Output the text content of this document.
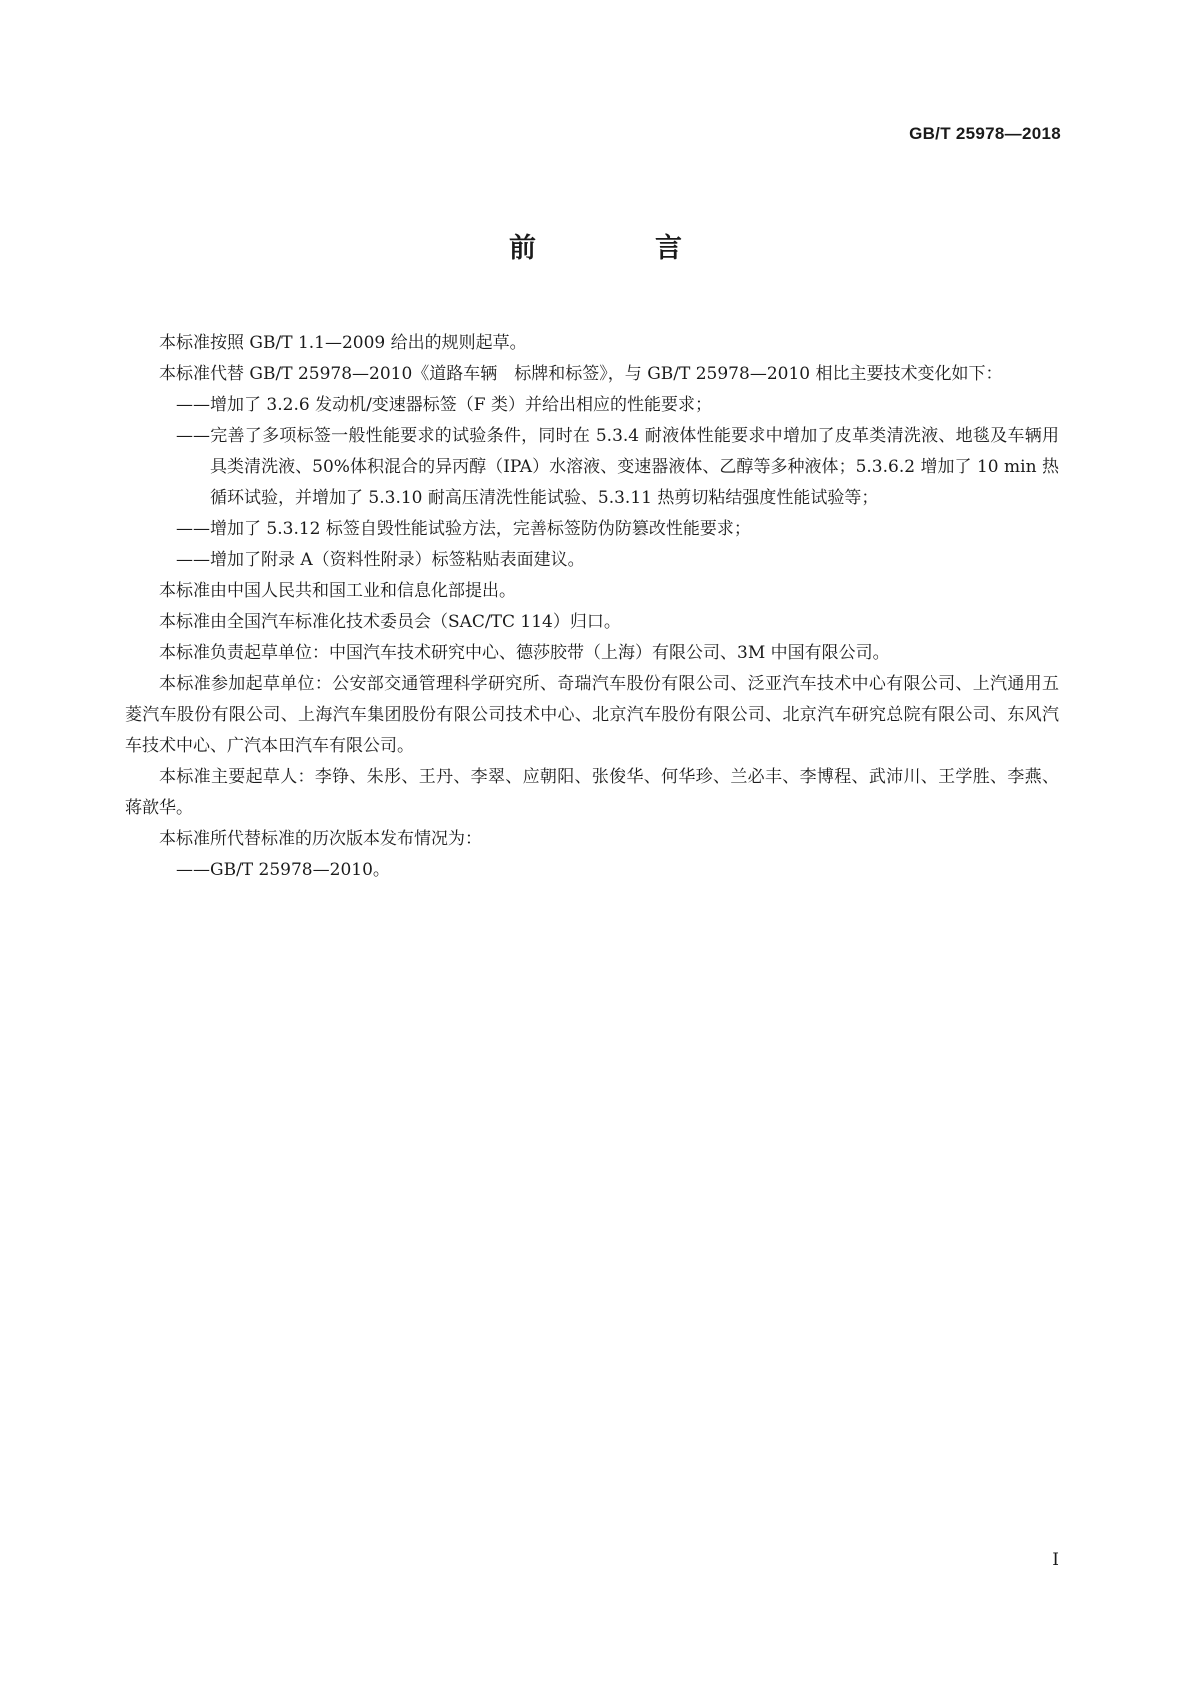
GB/T 25978—2018
前　言

本标准按照 GB/T 1.1—2009 给出的规则起草。

本标准代替 GB/T 25978—2010《道路车辆　标牌和标签》，与 GB/T 25978—2010 相比主要技术变化如下：

——增加了 3.2.6 发动机/变速器标签（F 类）并给出相应的性能要求；

——完善了多项标签一般性能要求的试验条件，同时在 5.3.4 耐液体性能要求中增加了皮革类清洗液、地毯及车辆用具类清洗液、50%体积混合的异丙醇（IPA）水溶液、变速器液体、乙醇等多种液体；5.3.6.2 增加了 10 min 热循环试验，并增加了 5.3.10 耐高压清洗性能试验、5.3.11 热剪切粘结强度性能试验等；

——增加了 5.3.12 标签自毁性能试验方法，完善标签防伪防篡改性能要求；

——增加了附录 A（资料性附录）标签粘贴表面建议。

本标准由中国人民共和国工业和信息化部提出。

本标准由全国汽车标准化技术委员会（SAC/TC 114）归口。

本标准负责起草单位：中国汽车技术研究中心、德莎胶带（上海）有限公司、3M 中国有限公司。

本标准参加起草单位：公安部交通管理科学研究所、奇瑞汽车股份有限公司、泛亚汽车技术中心有限公司、上汽通用五菱汽车股份有限公司、上海汽车集团股份有限公司技术中心、北京汽车股份有限公司、北京汽车研究总院有限公司、东风汽车技术中心、广汽本田汽车有限公司。

本标准主要起草人：李铮、朱彤、王丹、李翠、应朝阳、张俊华、何华珍、兰必丰、李博程、武沛川、王学胜、李燕、蒋歆华。

本标准所代替标准的历次版本发布情况为：

——GB/T 25978—2010。

I
